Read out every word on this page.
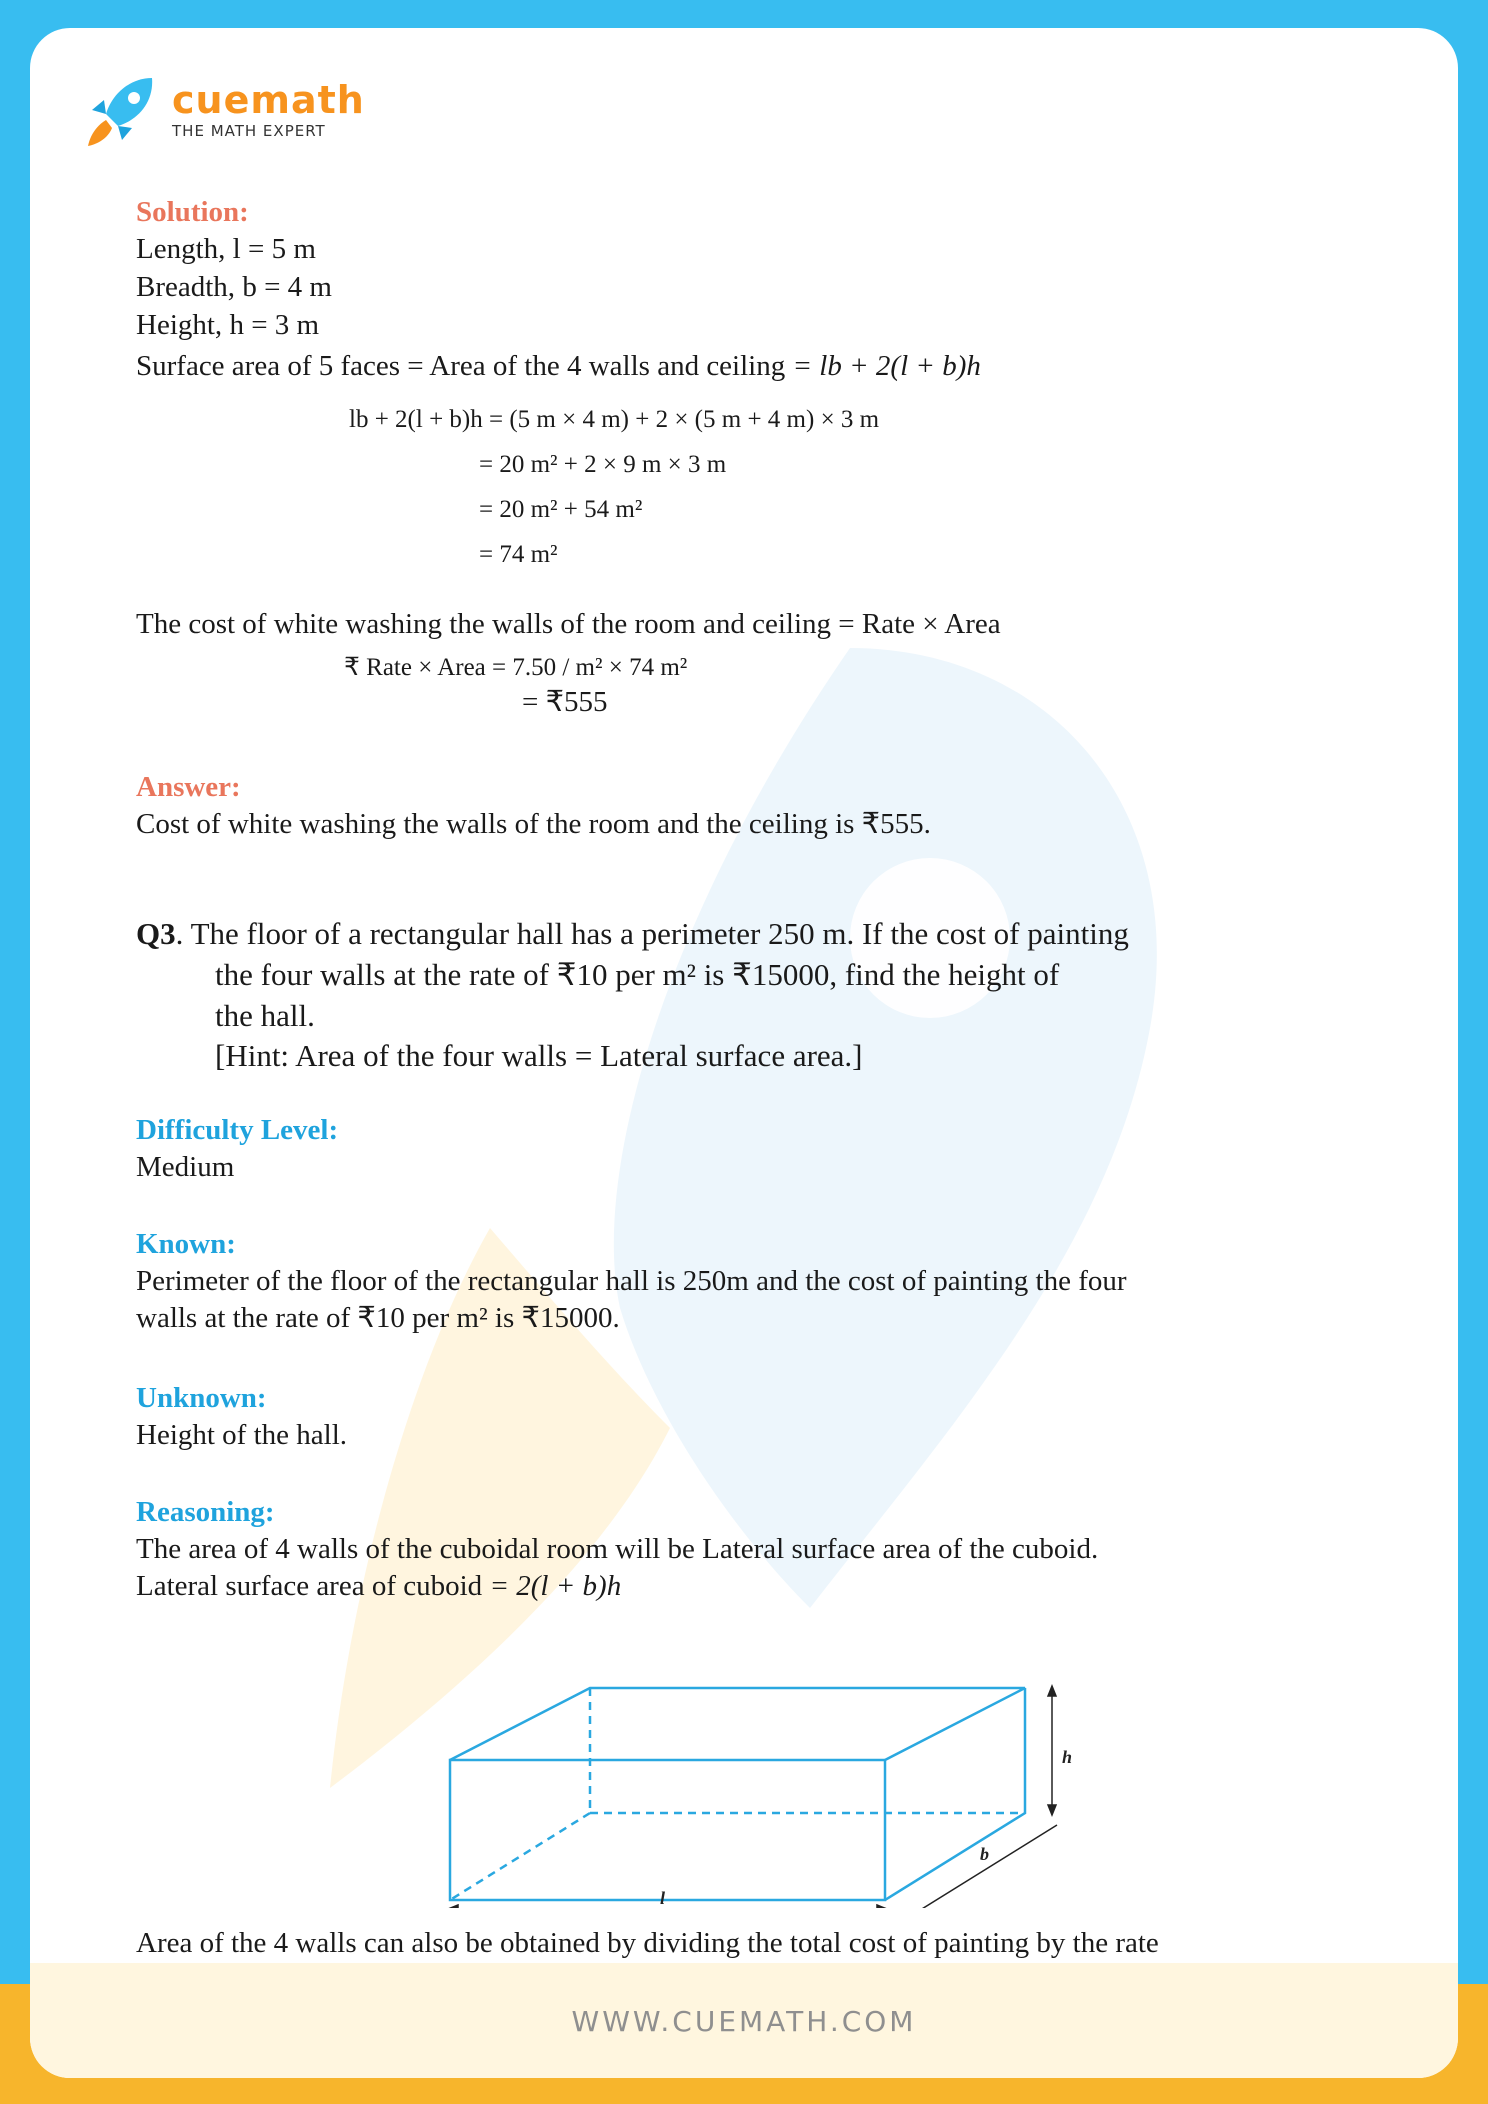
cuemath
THE MATH EXPERT
Solution:
Length, l = 5 m
Breadth, b = 4 m
Height, h = 3 m
Surface area of 5 faces = Area of the 4 walls and ceiling = lb + 2(l + b)h
lb + 2(l + b)h = (5 m × 4 m) + 2 × (5 m + 4 m) × 3 m
= 20 m² + 2 × 9 m × 3 m
= 20 m² + 54 m²
= 74 m²
The cost of white washing the walls of the room and ceiling = Rate × Area
₹ Rate × Area = 7.50 / m² × 74 m²
= ₹555
Answer:
Cost of white washing the walls of the room and the ceiling is ₹555.
Q3. The floor of a rectangular hall has a perimeter 250 m. If the cost of painting
the four walls at the rate of ₹10 per m² is ₹15000, find the height of
the hall.
[Hint: Area of the four walls = Lateral surface area.]
Difficulty Level:
Medium
Known:
Perimeter of the floor of the rectangular hall is 250m and the cost of painting the four
walls at the rate of ₹10 per m² is ₹15000.
Unknown:
Height of the hall.
Reasoning:
The area of 4 walls of the cuboidal room will be Lateral surface area of the cuboid.
Lateral surface area of cuboid = 2(l + b)h
Area of the 4 walls can also be obtained by dividing the total cost of painting by the rate
h
b
l
WWW.CUEMATH.COM
